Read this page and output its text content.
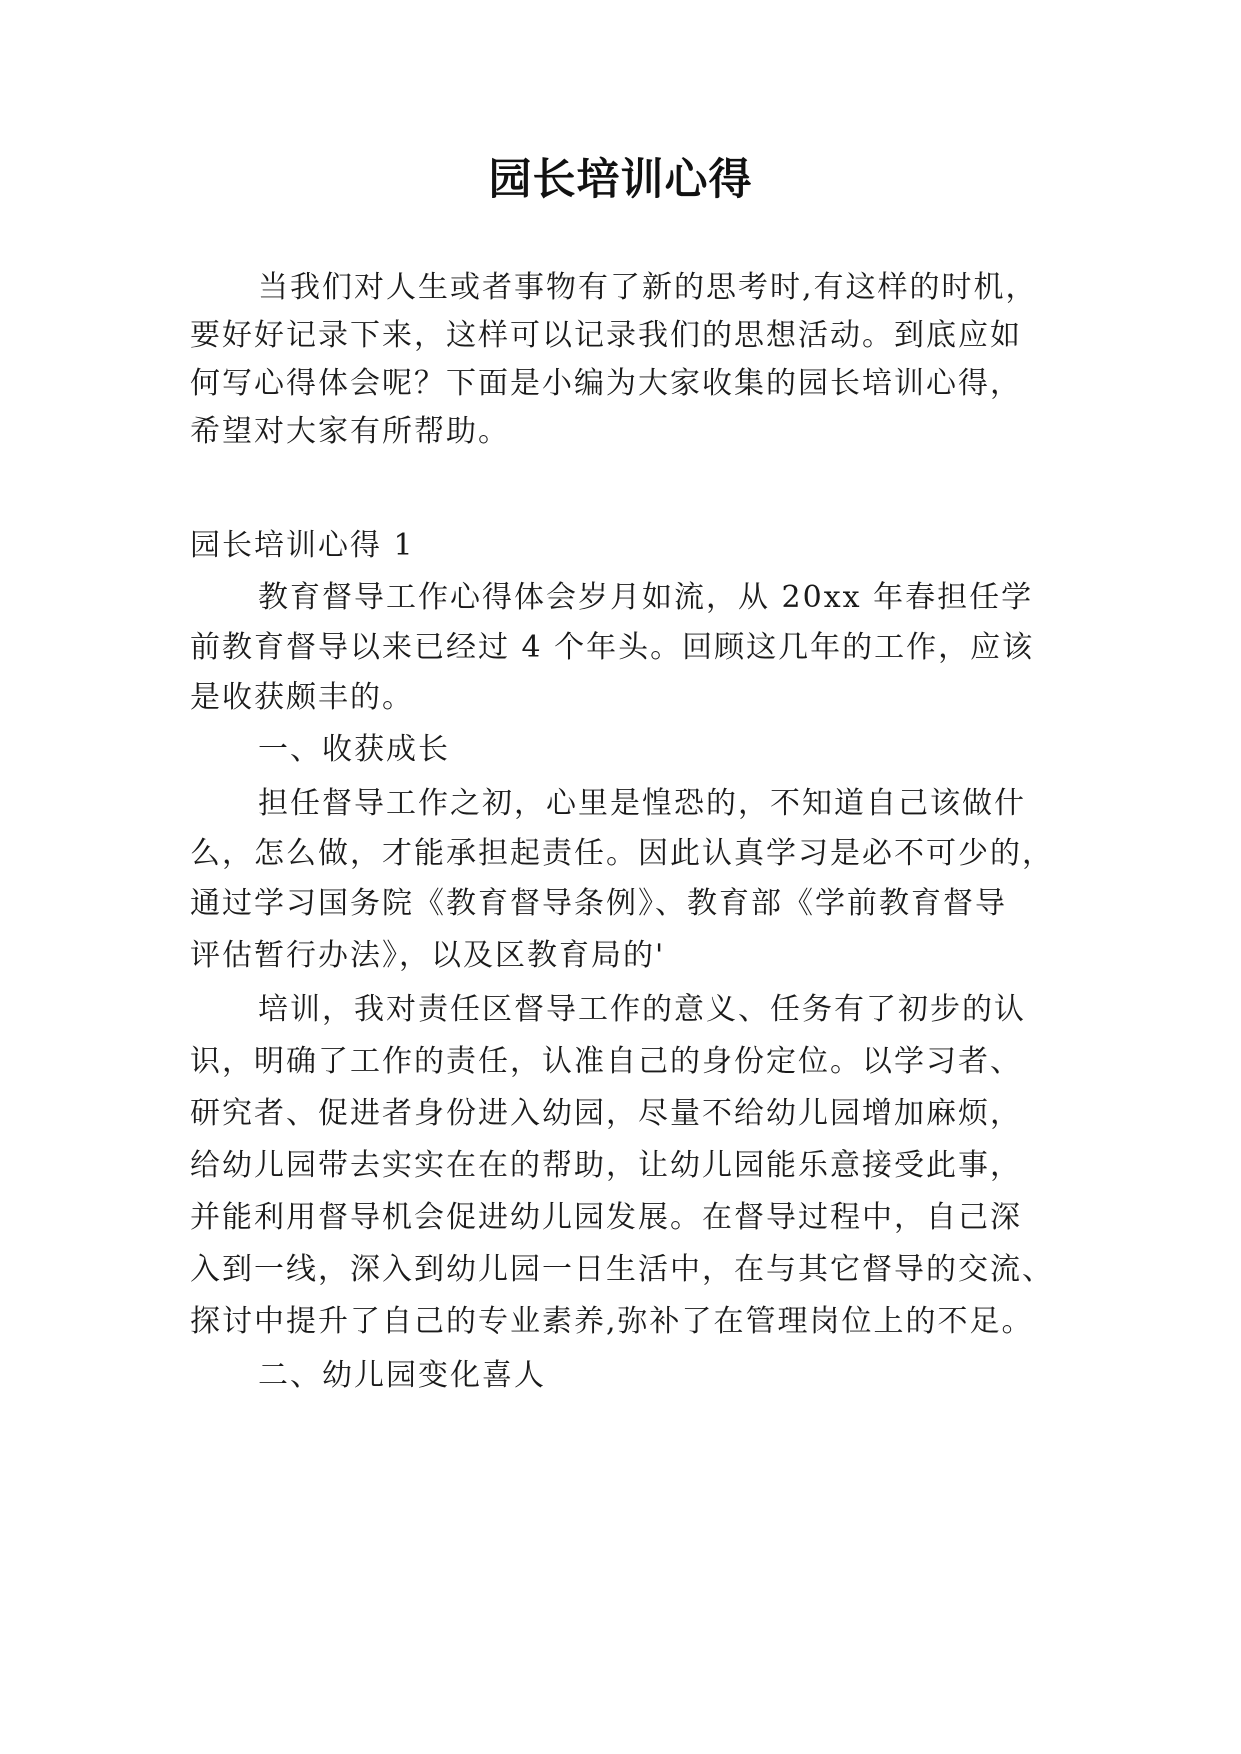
园长培训心得
当我们对人生或者事物有了新的思考时,有这样的时机，
要好好记录下来，这样可以记录我们的思想活动。到底应如
何写心得体会呢？下面是小编为大家收集的园长培训心得，
希望对大家有所帮助。
园长培训心得 1
教育督导工作心得体会岁月如流，从 20xx 年春担任学
前教育督导以来已经过 4 个年头。回顾这几年的工作，应该
是收获颇丰的。
一、收获成长
担任督导工作之初，心里是惶恐的，不知道自己该做什
么，怎么做，才能承担起责任。因此认真学习是必不可少的，
通过学习国务院《教育督导条例》、教育部《学前教育督导
评估暂行办法》，以及区教育局的'
培训，我对责任区督导工作的意义、任务有了初步的认
识，明确了工作的责任，认准自己的身份定位。以学习者、
研究者、促进者身份进入幼园，尽量不给幼儿园增加麻烦，
给幼儿园带去实实在在的帮助，让幼儿园能乐意接受此事，
并能利用督导机会促进幼儿园发展。在督导过程中，自己深
入到一线，深入到幼儿园一日生活中，在与其它督导的交流、
探讨中提升了自己的专业素养,弥补了在管理岗位上的不足。
二、幼儿园变化喜人
